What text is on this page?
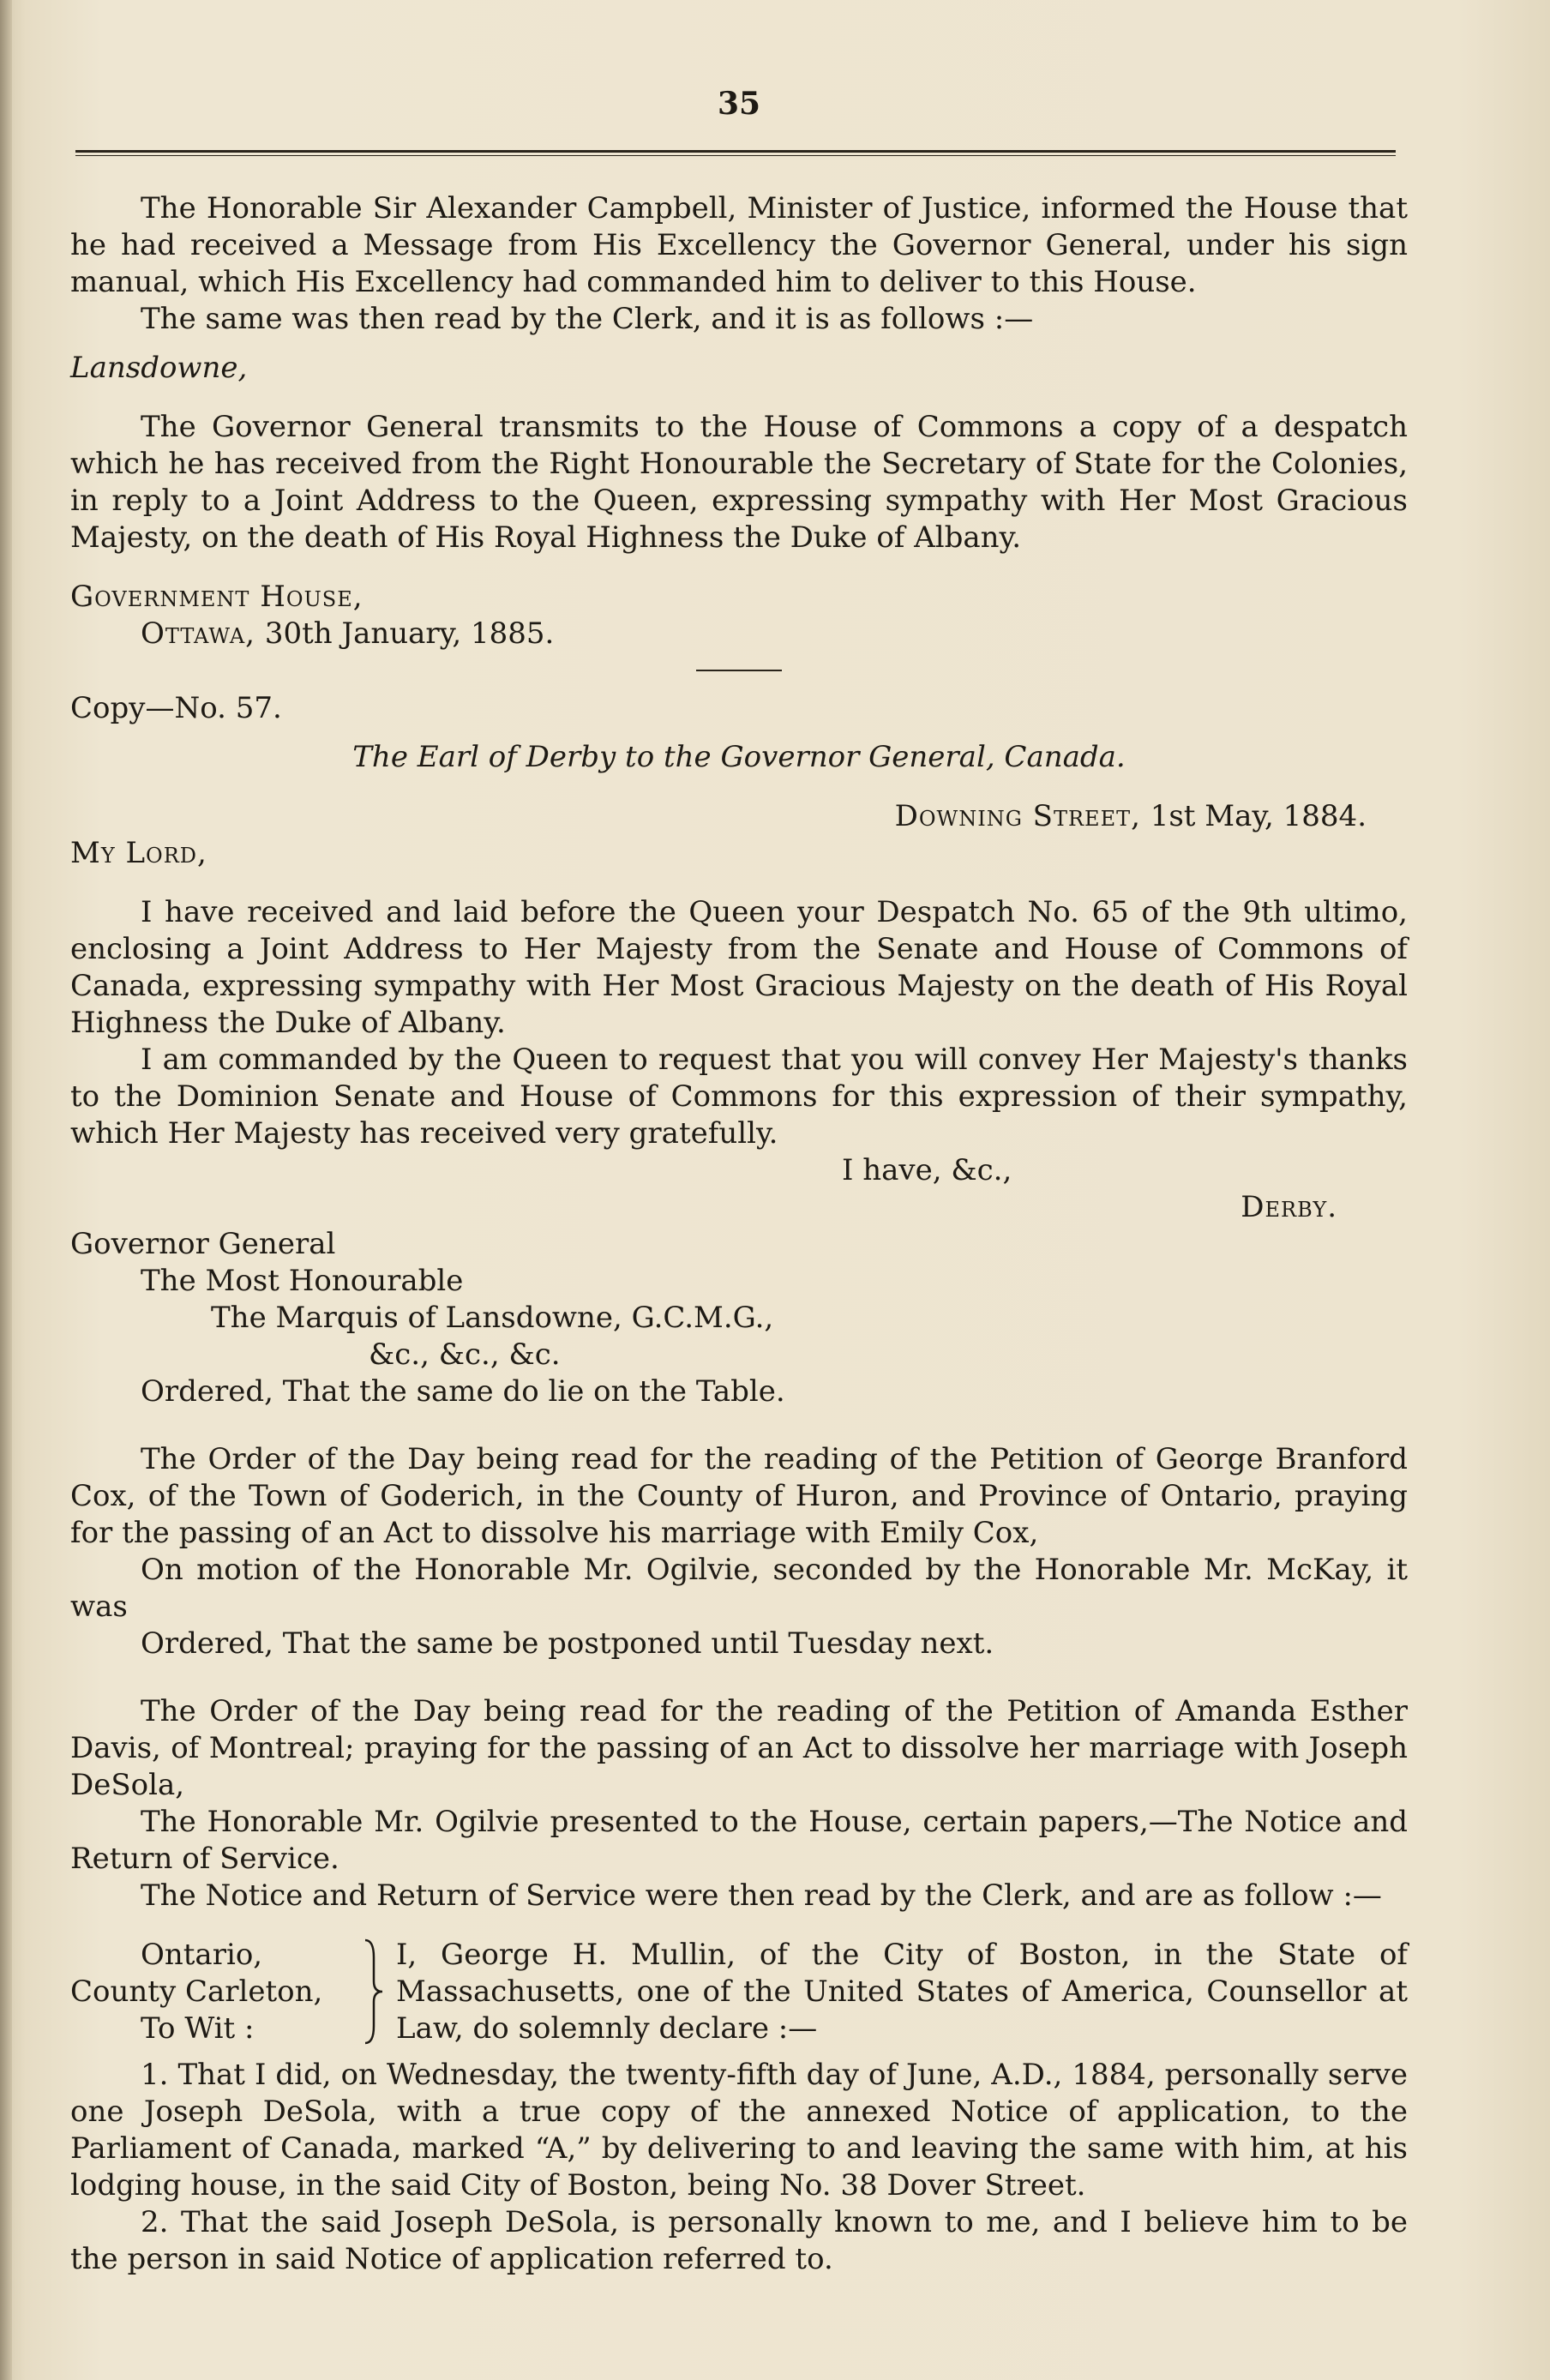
35

The Honorable Sir Alexander Campbell, Minister of Justice, informed the House that he had received a Message from His Excellency the Governor General, under his sign manual, which His Excellency had commanded him to deliver to this House.

The same was then read by the Clerk, and it is as follows :—

Lansdowne,

The Governor General transmits to the House of Commons a copy of a despatch which he has received from the Right Honourable the Secretary of State for the Colonies, in reply to a Joint Address to the Queen, expressing sympathy with Her Most Gracious Majesty, on the death of His Royal Highness the Duke of Albany.

Government House,

Ottawa, 30th January, 1885.

Copy—No. 57.

The Earl of Derby to the Governor General, Canada.

Downing Street, 1st May, 1884.

My Lord,

I have received and laid before the Queen your Despatch No. 65 of the 9th ultimo, enclosing a Joint Address to Her Majesty from the Senate and House of Commons of Canada, expressing sympathy with Her Most Gracious Majesty on the death of His Royal Highness the Duke of Albany.

I am commanded by the Queen to request that you will convey Her Majesty's thanks to the Dominion Senate and House of Commons for this expression of their sympathy, which Her Majesty has received very gratefully.

I have, &c.,

Derby.

Governor General

The Most Honourable

The Marquis of Lansdowne, G.C.M.G.,

&c., &c., &c.

Ordered, That the same do lie on the Table.

The Order of the Day being read for the reading of the Petition of George Branford Cox, of the Town of Goderich, in the County of Huron, and Province of Ontario, praying for the passing of an Act to dissolve his marriage with Emily Cox,

On motion of the Honorable Mr. Ogilvie, seconded by the Honorable Mr. McKay, it was

Ordered, That the same be postponed until Tuesday next.

The Order of the Day being read for the reading of the Petition of Amanda Esther Davis, of Montreal; praying for the passing of an Act to dissolve her marriage with Joseph DeSola,

The Honorable Mr. Ogilvie presented to the House, certain papers,—The Notice and Return of Service.

The Notice and Return of Service were then read by the Clerk, and are as follow :—

Ontario,
County Carleton,
To Wit :
I, George H. Mullin, of the City of Boston, in the State of Massachusetts, one of the United States of America, Counsellor at Law, do solemnly declare :—

1. That I did, on Wednesday, the twenty-fifth day of June, A.D., 1884, personally serve one Joseph DeSola, with a true copy of the annexed Notice of application, to the Parliament of Canada, marked “A,” by delivering to and leaving the same with him, at his lodging house, in the said City of Boston, being No. 38 Dover Street.

2. That the said Joseph DeSola, is personally known to me, and I believe him to be the person in said Notice of application referred to.
